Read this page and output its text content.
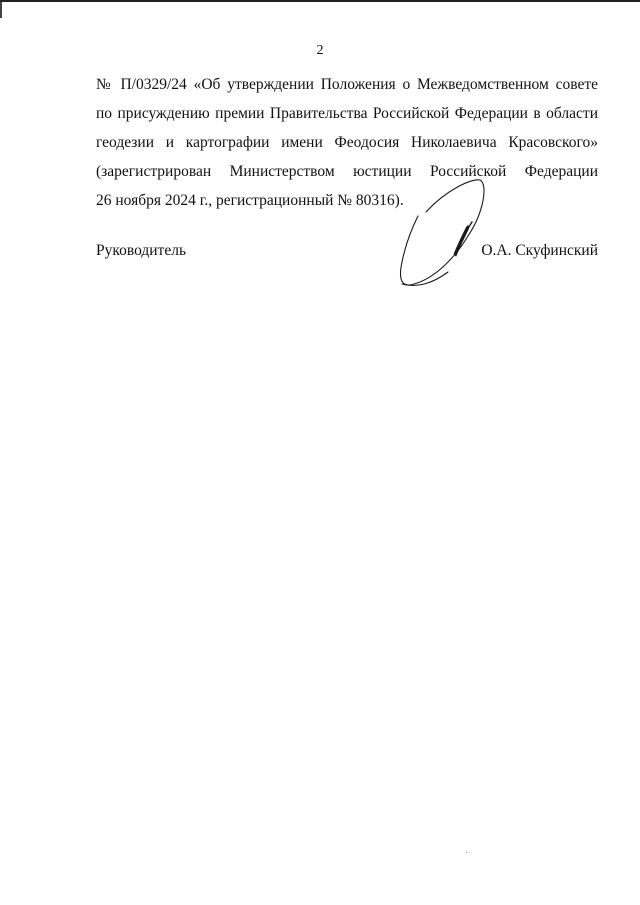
2
№ П/0329/24 «Об утверждении Положения о Межведомственном совете
по присуждению премии Правительства Российской Федерации в области
геодезии и картографии имени Феодосия Николаевича Красовского»
(зарегистрирован Министерством юстиции Российской Федерации
26 ноября 2024 г., регистрационный № 80316).
Руководитель	О.А. Скуфинский
